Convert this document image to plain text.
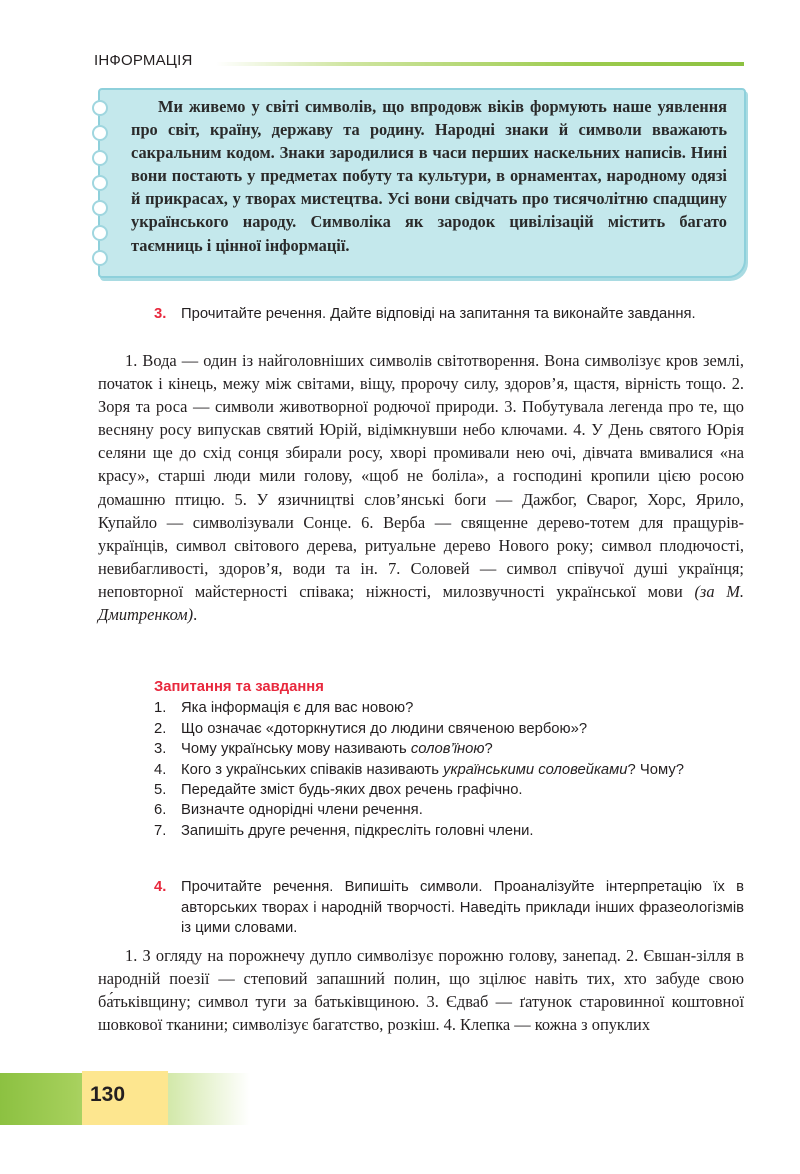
ІНФОРМАЦІЯ
Ми живемо у світі символів, що впродовж віків формують наше уявлення про світ, країну, державу та родину. Народні знаки й символи вважають сакральним кодом. Знаки зародилися в часи перших наскельних написів. Нині вони постають у предметах побуту та культури, в орнаментах, народному одязі й прикрасах, у творах мистецтва. Усі вони свідчать про тисячолітню спадщину українського народу. Символіка як зародок цивілізацій містить багато таємниць і цінної інформації.
3. Прочитайте речення. Дайте відповіді на запитання та виконайте завдання.
1. Вода — один із найголовніших символів світотворення. Вона символізує кров землі, початок і кінець, межу між світами, віщу, пророчу силу, здоров’я, щастя, вірність тощо. 2. Зоря та роса — символи животворної родючої природи. 3. Побутувала легенда про те, що весняну росу випускав святий Юрій, відімкнувши небо ключами. 4. У День святого Юрія селяни ще до схід сонця збирали росу, хворі промивали нею очі, дівчата вмивалися «на красу», старші люди мили голову, «щоб не боліла», а господині кропили цією росою домашню птицю. 5. У язичництві слов’янські боги — Дажбог, Сварог, Хорс, Ярило, Купайло — символізували Сонце. 6. Верба — священне дерево-тотем для пращурів-українців, символ світового дерева, ритуальне дерево Нового року; символ плодючості, невибагливості, здоров’я, води та ін. 7. Соловей — символ співучої душі українця; неповторної майстерності співака; ніжності, милозвучності української мови (за М. Дмитренком).
Запитання та завдання
1. Яка інформація є для вас новою?
2. Що означає «доторкнутися до людини свяченою вербою»?
3. Чому українську мову називають солов’їною?
4. Кого з українських співаків називають українськими соловейками? Чому?
5. Передайте зміст будь-яких двох речень графічно.
6. Визначте однорідні члени речення.
7. Запишіть друге речення, підкресліть головні члени.
4. Прочитайте речення. Випишіть символи. Проаналізуйте інтерпретацію їх в авторських творах і народній творчості. Наведіть приклади інших фразеологізмів із цими словами.
1. З огляду на порожнечу дупло символізує порожню голову, занепад. 2. Євшан-зілля в народній поезії — степовий запашний полин, що зцілює навіть тих, хто забуде свою ба́тьківщину; символ туги за батьківщиною. 3. Єдваб — ґатунок старовинної коштовної шовкової тканини; символізує багатство, розкіш. 4. Клепка — кожна з опуклих
130
